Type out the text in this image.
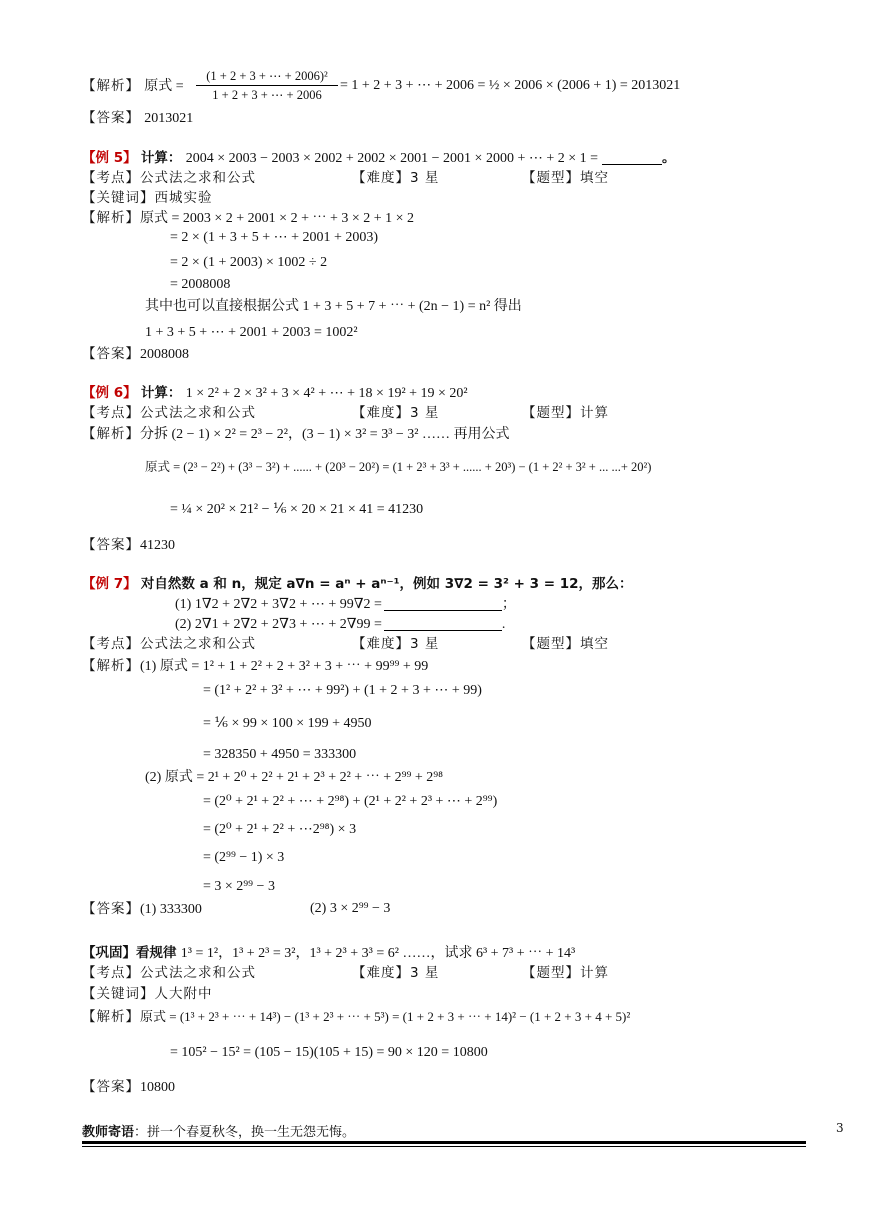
【解析】 原式 =
(1 + 2 + 3 + ⋯ + 2006)²
1 + 2 + 3 + ⋯ + 2006
= 1 + 2 + 3 + ⋯ + 2006 = ½ × 2006 × (2006 + 1) = 2013021
【答案】 2013021
【例 5】 计算： 2004 × 2003 − 2003 × 2002 + 2002 × 2001 − 2001 × 2000 + ⋯ + 2 × 1 =	。
【考点】公式法之求和公式	【难度】3 星	【题型】填空
【关键词】西城实验
【解析】原式 = 2003 × 2 + 2001 × 2 + ⋯ + 3 × 2 + 1 × 2
= 2 × (1 + 3 + 5 + ⋯ + 2001 + 2003)
= 2 × (1 + 2003) × 1002 ÷ 2
= 2008008
其中也可以直接根据公式 1 + 3 + 5 + 7 + ⋯ + (2n − 1) = n² 得出
1 + 3 + 5 + ⋯ + 2001 + 2003 = 1002²
【答案】2008008
【例 6】 计算： 1 × 2² + 2 × 3² + 3 × 4² + ⋯ + 18 × 19² + 19 × 20²
【考点】公式法之求和公式	【难度】3 星	【题型】计算
【解析】分拆 (2 − 1) × 2² = 2³ − 2²，(3 − 1) × 3² = 3³ − 3² …… 再用公式
原式 = (2³ − 2²) + (3³ − 3²) + ...... + (20³ − 20²) = (1 + 2³ + 3³ + ...... + 20³) − (1 + 2² + 3² + ... ...+ 20²)
= ¼ × 20² × 21² − ⅙ × 20 × 21 × 41 = 41230
【答案】41230
【例 7】 对自然数 a 和 n，规定 a∇n = aⁿ + aⁿ⁻¹，例如 3∇2 = 3² + 3 = 12，那么：
(1) 1∇2 + 2∇2 + 3∇2 + ⋯ + 99∇2 =	；
(2) 2∇1 + 2∇2 + 2∇3 + ⋯ + 2∇99 =	.
【考点】公式法之求和公式	【难度】3 星	【题型】填空
【解析】(1) 原式 = 1² + 1 + 2² + 2 + 3² + 3 + ⋯ + 99⁹⁹ + 99
= (1² + 2² + 3² + ⋯ + 99²) + (1 + 2 + 3 + ⋯ + 99)
= ⅙ × 99 × 100 × 199 + 4950
= 328350 + 4950 = 333300
(2) 原式 = 2¹ + 2⁰ + 2² + 2¹ + 2³ + 2² + ⋯ + 2⁹⁹ + 2⁹⁸
= (2⁰ + 2¹ + 2² + ⋯ + 2⁹⁸) + (2¹ + 2² + 2³ + ⋯ + 2⁹⁹)
= (2⁰ + 2¹ + 2² + ⋯2⁹⁸) × 3
= (2⁹⁹ − 1) × 3
= 3 × 2⁹⁹ − 3
【答案】(1) 333300	(2) 3 × 2⁹⁹ − 3
【巩固】看规律 1³ = 1²，1³ + 2³ = 3²，1³ + 2³ + 3³ = 6² ……，试求 6³ + 7³ + ⋯ + 14³
【考点】公式法之求和公式	【难度】3 星	【题型】计算
【关键词】人大附中
【解析】原式 = (1³ + 2³ + ⋯ + 14³) − (1³ + 2³ + ⋯ + 5³) = (1 + 2 + 3 + ⋯ + 14)² − (1 + 2 + 3 + 4 + 5)²
= 105² − 15² = (105 − 15)(105 + 15) = 90 × 120 = 10800
【答案】10800
教师寄语：拼一个春夏秋冬，换一生无怨无悔。	3
